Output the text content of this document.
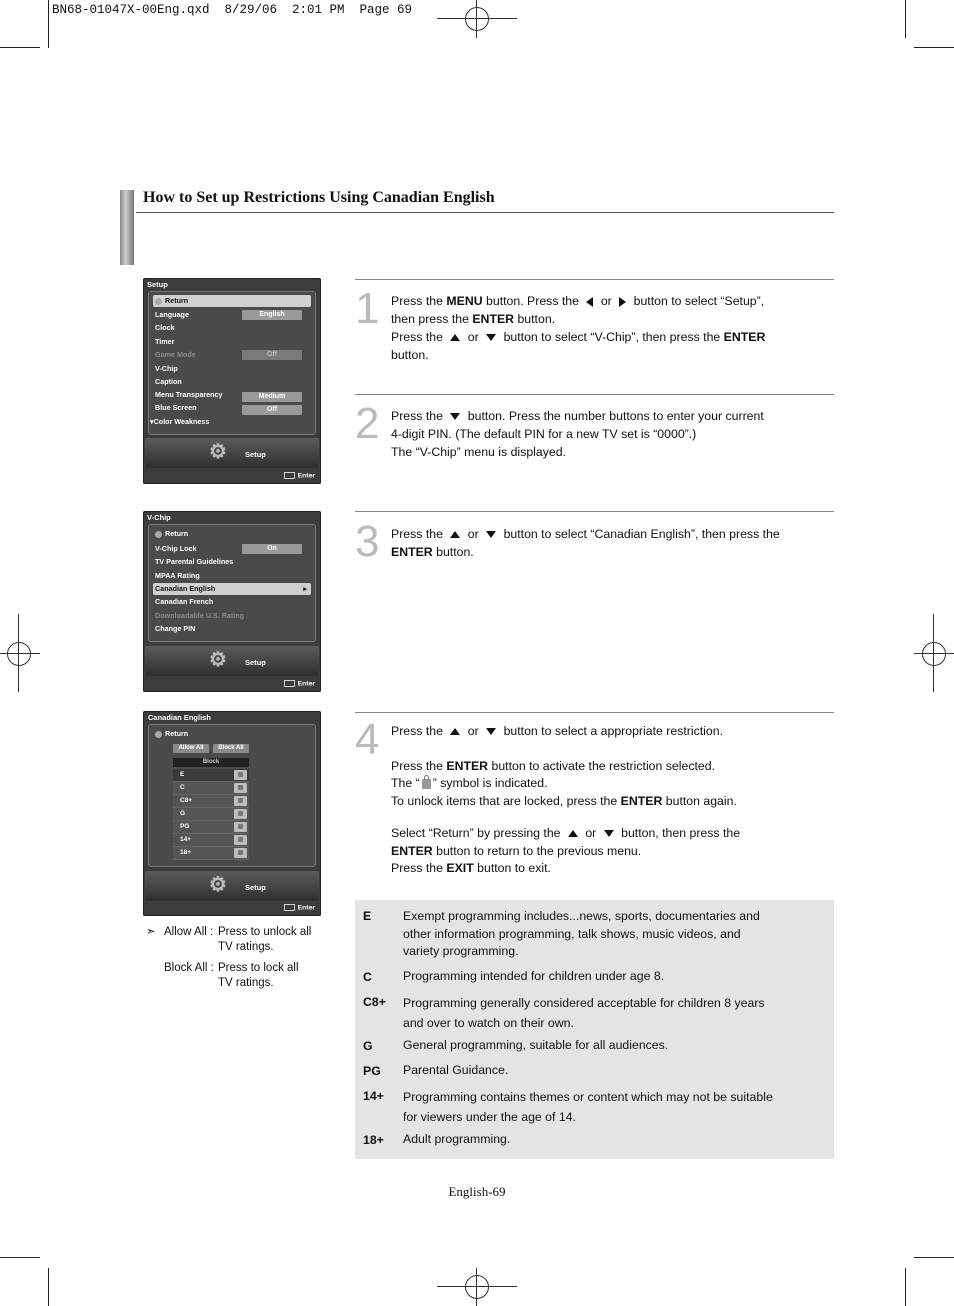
BN68-01047X-00Eng.qxd  8/29/06  2:01 PM  Page 69
How to Set up Restrictions Using Canadian English
Setup
Return
Language	English
Clock
Timer
Game Mode	Off
V-Chip
Caption
Menu Transparency	Medium
Blue Screen	Off
▾Color Weakness
⚙ Setup
Enter
V-Chip
Return
V-Chip Lock	On
TV Parental Guidelines
MPAA Rating
Canadian English	▸
Canadian French
Downloadable U.S. Rating
Change PIN
⚙ Setup
Enter
Canadian English
Return
Allow All	Block All
Block
E
C
C8+
G
PG
14+
18+
⚙ Setup
Enter
➣ Allow All : Press to unlock all
TV ratings.
Block All : Press to lock all
TV ratings.
1 Press the MENU button. Press the  or  button to select “Setup”,
then press the ENTER button.
Press the  or  button to select “V-Chip”, then press the ENTER
button.
2 Press the  button. Press the number buttons to enter your current
4-digit PIN. (The default PIN for a new TV set is “0000”.)
The “V-Chip” menu is displayed.
3 Press the  or  button to select “Canadian English”, then press the
ENTER button.
4 Press the  or  button to select a appropriate restriction.
Press the ENTER button to activate the restriction selected.
The “ ” symbol is indicated.
To unlock items that are locked, press the ENTER button again.
Select “Return” by pressing the  or  button, then press the
ENTER button to return to the previous menu.
Press the EXIT button to exit.
E	Exempt programming includes...news, sports, documentaries and
other information programming, talk shows, music videos, and
variety programming.
C	Programming intended for children under age 8.
C8+ Programming generally considered acceptable for children 8 years
and over to watch on their own.
G General programming, suitable for all audiences.
PG Parental Guidance.
14+ Programming contains themes or content which may not be suitable
for viewers under the age of 14.
18+ Adult programming.
English-69
